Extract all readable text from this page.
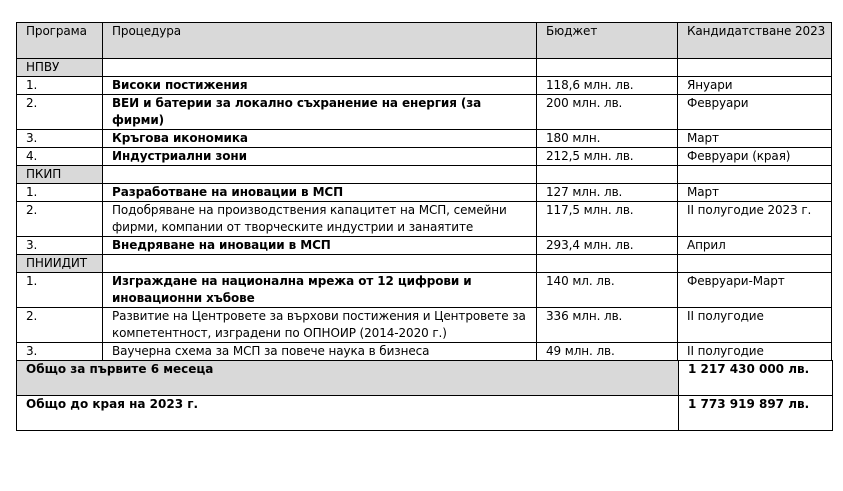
Програма	Процедура	Бюджет	Кандидатстване 2023
НПВУ			
1.	Високи постижения	118,6 млн. лв.	Януари
2.	ВЕИ и батерии за локално съхранение на енергия (за фирми)	200 млн. лв.	Февруари
3.	Кръгова икономика	180 млн.	Март
4.	Индустриални зони	212,5 млн. лв.	Февруари (края)
ПКИП			
1.	Разработване на иновации в МСП	127 млн. лв.	Март
2.	Подобряване на производствения капацитет на МСП, семейни фирми, компании от творческите индустрии и занаятите	117,5 млн. лв.	II полугодие 2023 г.
3.	Внедряване на иновации в МСП	293,4 млн. лв.	Април
ПНИИДИТ			
1.	Изграждане на национална мрежа от 12 цифрови и иновационни хъбове	140 мл. лв.	Февруари-Март
2.	Развитие на Центровете за върхови постижения и Центровете за компетентност, изградени по ОПНОИР (2014-2020 г.)	336 млн. лв.	II полугодие
3.	Ваучерна схема за МСП за повече наука в бизнеса	49 млн. лв.	II полугодие
Общо за първите 6 месеца	1 217 430 000 лв.
Общо до края на 2023 г.	1 773 919 897 лв.
